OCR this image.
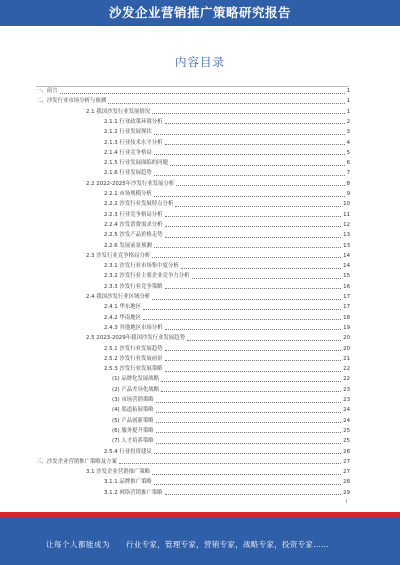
沙发企业营销推广策略研究报告
内容目录
一、前言	1
二、沙发行业市场分析与预测	1
2.1 我国沙发行业发展情况	1
2.1.1 行业政策环境分析	2
2.1.2 行业发展现状	3
2.1.3 行业技术水平分析	4
2.1.4 行业竞争格局	5
2.1.5 行业发展面临的问题	6
2.1.6 行业发展趋势	7
2.2 2022-2025年沙发行业发展分析	8
2.2.1 市场规模分析	9
2.2.2 沙发行业发展特点分析	10
2.2.3 行业竞争格局分析	11
2.2.4 沙发消费需求分析	12
2.2.5 沙发产品价格走势	13
2.2.6 发展前景预测	13
2.3 沙发行业竞争格局分析	14
2.3.1 沙发行业市场集中度分析	14
2.3.2 沙发行业主要企业竞争力分析	15
2.3.3 沙发行业竞争策略	16
2.4 我国沙发行业区域分析	17
2.4.1 华东地区	17
2.4.2 华南地区	18
2.4.3 其他地区市场分析	19
2.5 2023-2029年我国沙发行业发展趋势	20
2.5.1 沙发行业发展趋势	20
2.5.2 沙发行业发展前景	21
2.5.3 沙发行业发展策略	22
(1) 品牌化发展战略	22
(2) 产品差异化战略	23
(3) 市场营销策略	23
(4) 渠道拓展策略	24
(5) 产品创新策略	24
(6) 服务提升策略	25
(7) 人才培养策略	25
2.5.4 行业投资建议	26
三、沙发企业营销推广策略及方案	27
3.1 沙发企业营销推广策略	27
3.1.1 品牌推广策略	28
3.1.2 网络营销推广策略	29
I
让每个人都能成为 行业专家，管理专家，营销专家，战略专家，投资专家……
